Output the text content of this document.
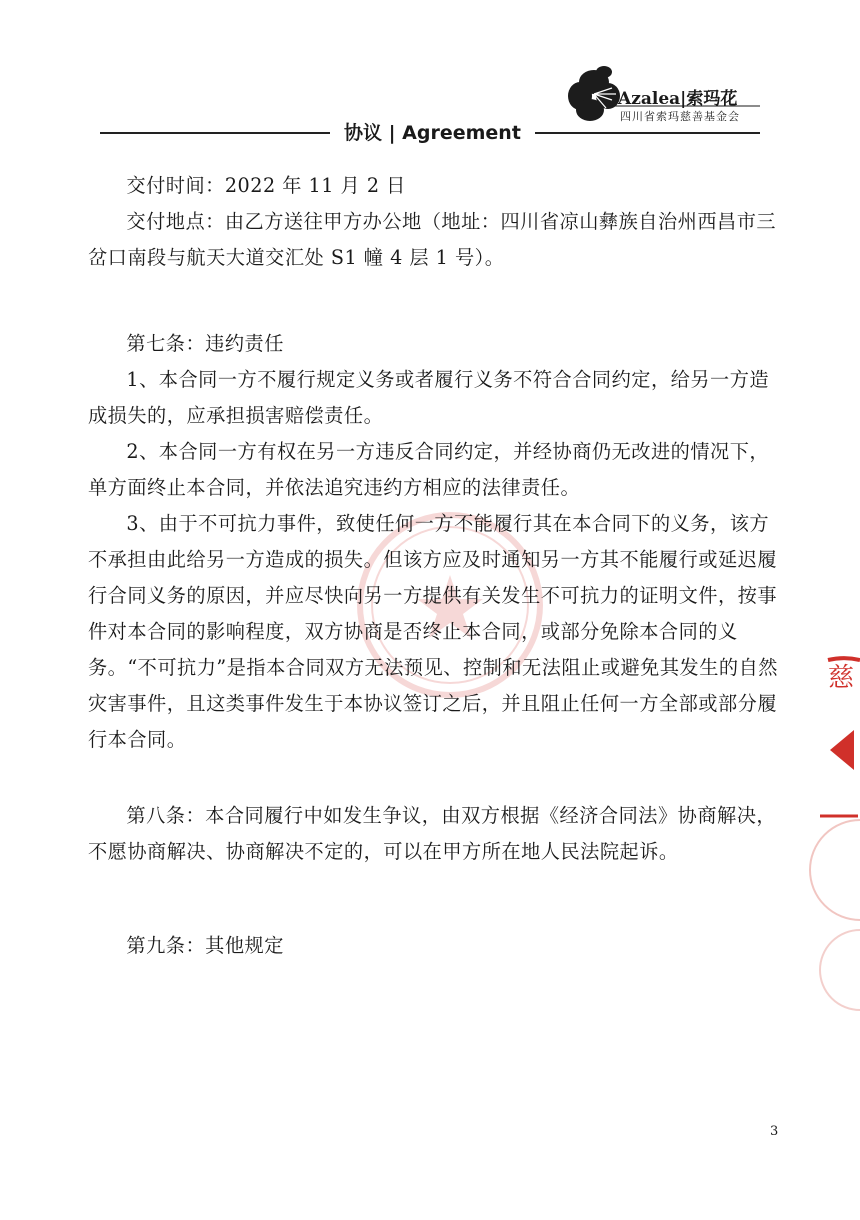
Azalea|索玛花
四川省索玛慈善基金会
协议 | Agreement

交付时间：2022 年 11 月 2 日

交付地点：由乙方送往甲方办公地（地址：四川省凉山彝族自治州西昌市三岔口南段与航天大道交汇处 S1 幢 4 层 1 号）。

第七条：违约责任

1、本合同一方不履行规定义务或者履行义务不符合合同约定，给另一方造成损失的，应承担损害赔偿责任。

2、本合同一方有权在另一方违反合同约定，并经协商仍无改进的情况下，单方面终止本合同，并依法追究违约方相应的法律责任。

3、由于不可抗力事件，致使任何一方不能履行其在本合同下的义务，该方不承担由此给另一方造成的损失。但该方应及时通知另一方其不能履行或延迟履行合同义务的原因，并应尽快向另一方提供有关发生不可抗力的证明文件，按事件对本合同的影响程度，双方协商是否终止本合同，或部分免除本合同的义务。“不可抗力”是指本合同双方无法预见、控制和无法阻止或避免其发生的自然灾害事件，且这类事件发生于本协议签订之后，并且阻止任何一方全部或部分履行本合同。

第八条：本合同履行中如发生争议，由双方根据《经济合同法》协商解决，不愿协商解决、协商解决不定的，可以在甲方所在地人民法院起诉。

第九条：其他规定

慈
3
